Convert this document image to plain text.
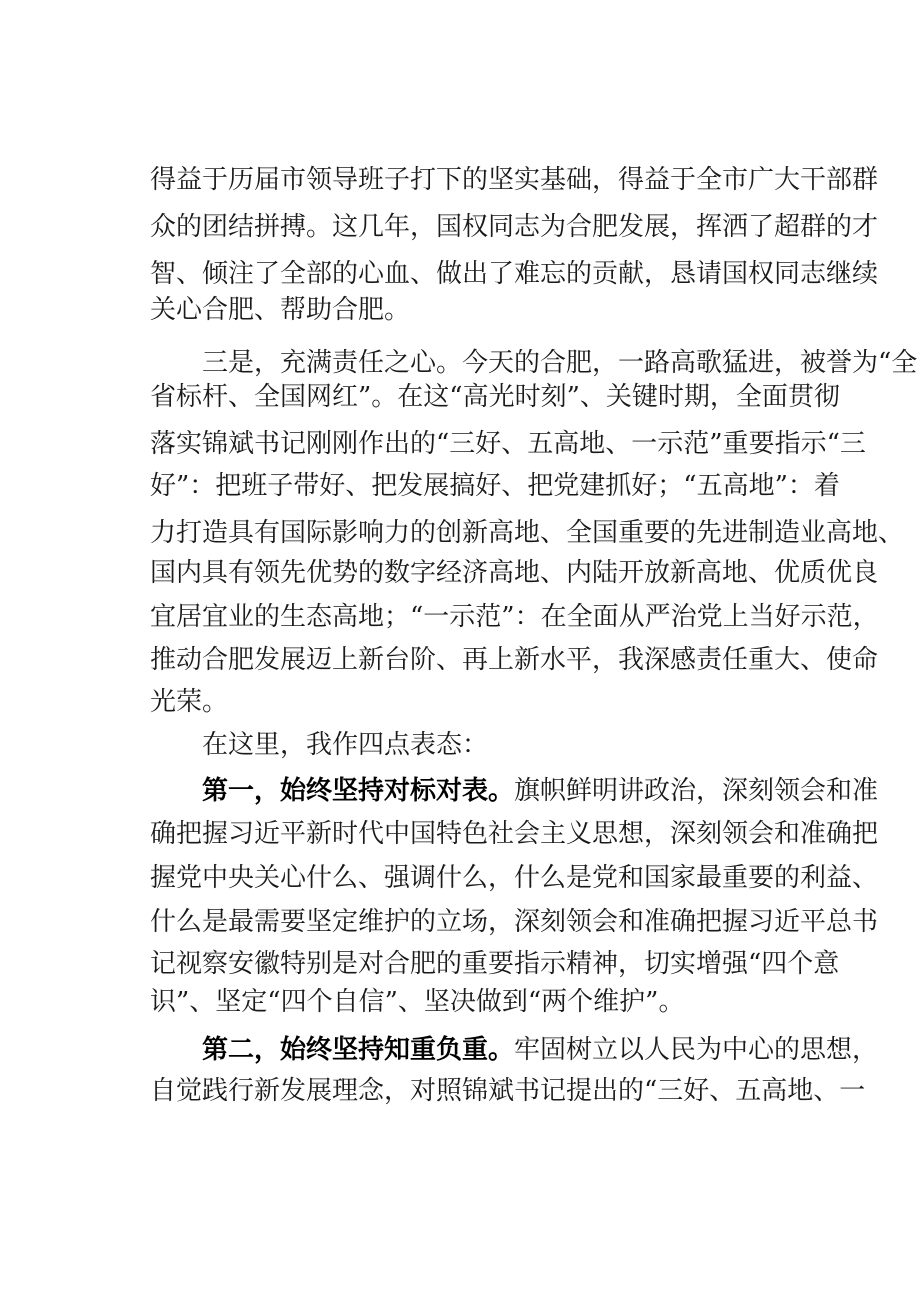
得益于历届市领导班子打下的坚实基础，得益于全市广大干部群
众的团结拼搏。这几年，国权同志为合肥发展，挥洒了超群的才
智、倾注了全部的心血、做出了难忘的贡献，恳请国权同志继续
关心合肥、帮助合肥。
三是，充满责任之心。今天的合肥，一路高歌猛进，被誉为“全
省标杆、全国网红”。在这“高光时刻”、关键时期，全面贯彻
落实锦斌书记刚刚作出的“三好、五高地、一示范”重要指示“三
好”：把班子带好、把发展搞好、把党建抓好；“五高地”：着
力打造具有国际影响力的创新高地、全国重要的先进制造业高地、
国内具有领先优势的数字经济高地、内陆开放新高地、优质优良
宜居宜业的生态高地；“一示范”：在全面从严治党上当好示范，
推动合肥发展迈上新台阶、再上新水平，我深感责任重大、使命
光荣。
在这里，我作四点表态：
第一，始终坚持对标对表。旗帜鲜明讲政治，深刻领会和准
确把握习近平新时代中国特色社会主义思想，深刻领会和准确把
握党中央关心什么、强调什么，什么是党和国家最重要的利益、
什么是最需要坚定维护的立场，深刻领会和准确把握习近平总书
记视察安徽特别是对合肥的重要指示精神，切实增强“四个意
识”、坚定“四个自信”、坚决做到“两个维护”。
第二，始终坚持知重负重。牢固树立以人民为中心的思想，
自觉践行新发展理念，对照锦斌书记提出的“三好、五高地、一
